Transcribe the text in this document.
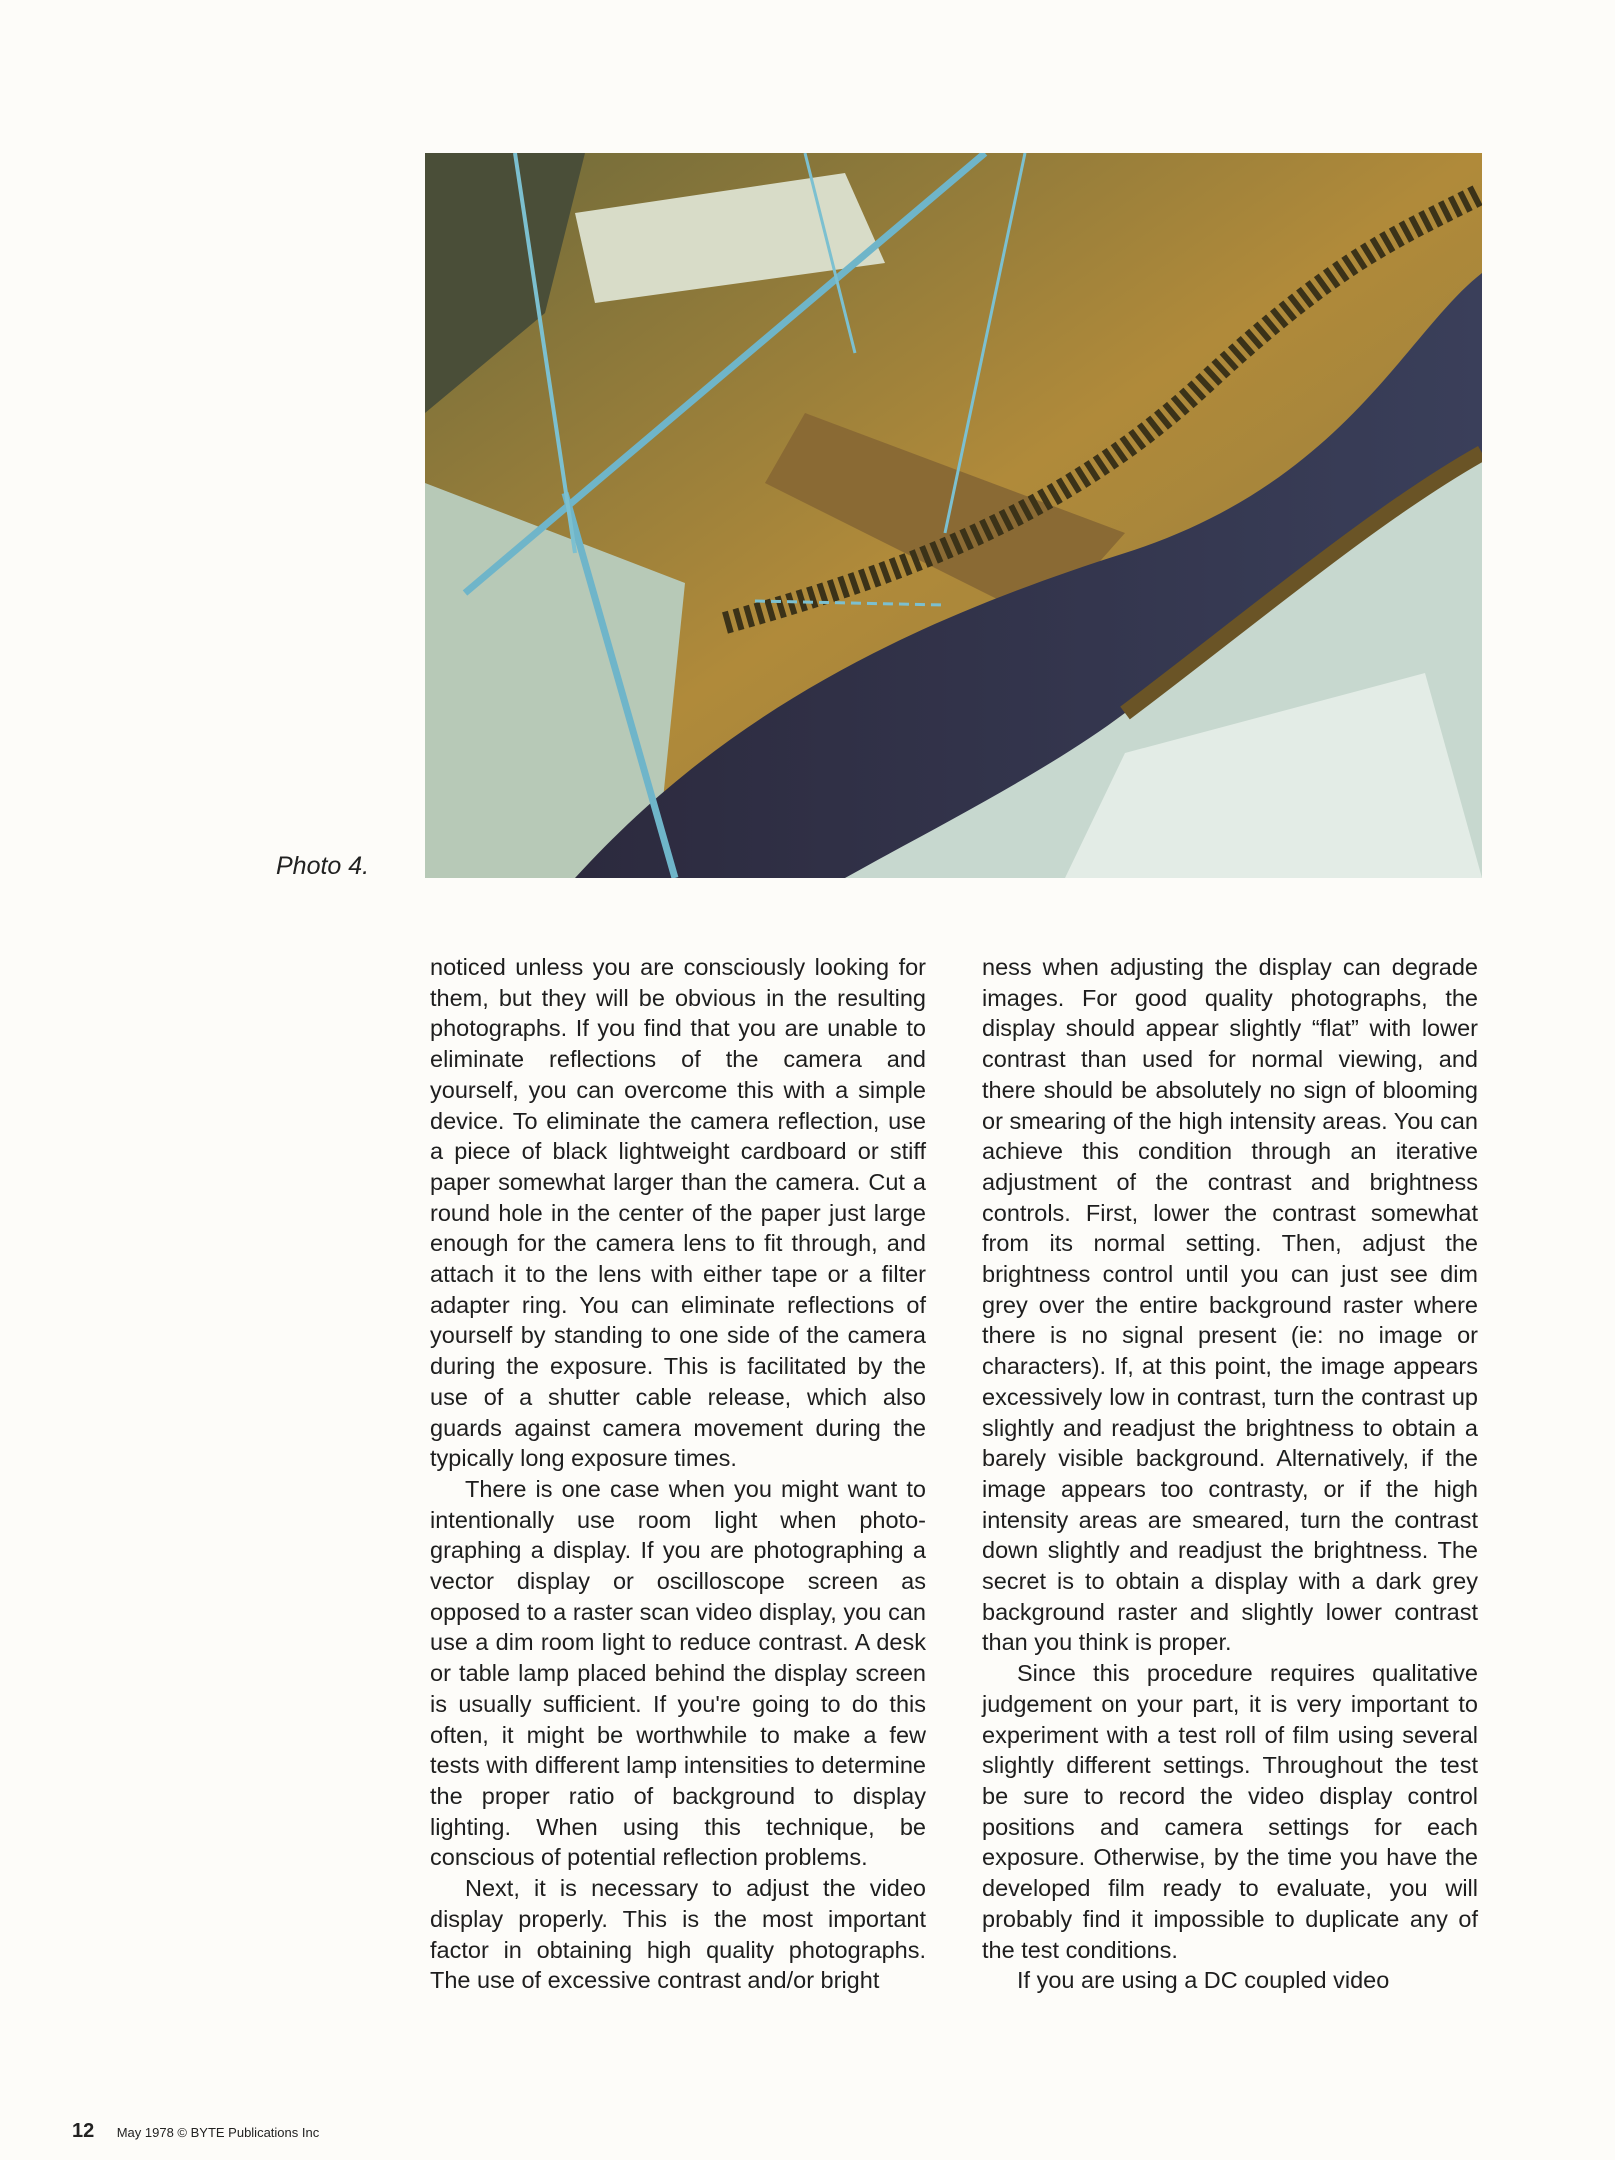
Photo 4.

noticed unless you are consciously looking for them, but they will be obvious in the resulting photographs. If you find that you are unable to eliminate reflections of the camera and yourself, you can overcome this with a simple device. To eliminate the camera reflection, use a piece of black lightweight cardboard or stiff paper somewhat larger than the camera. Cut a round hole in the center of the paper just large enough for the camera lens to fit through, and attach it to the lens with either tape or a filter adapter ring. You can eliminate reflections of yourself by standing to one side of the camera during the exposure. This is facilitated by the use of a shutter cable release, which also guards against camera movement during the typically long exposure times.

There is one case when you might want to intentionally use room light when photographing a display. If you are photographing a vector display or oscilloscope screen as opposed to a raster scan video display, you can use a dim room light to reduce contrast. A desk or table lamp placed behind the display screen is usually sufficient. If you're going to do this often, it might be worthwhile to make a few tests with different lamp intensities to determine the proper ratio of background to display lighting. When using this technique, be conscious of potential reflection problems.

Next, it is necessary to adjust the video display properly. This is the most important factor in obtaining high quality photographs. The use of excessive contrast and/or bright

ness when adjusting the display can degrade images. For good quality photographs, the display should appear slightly “flat” with lower contrast than used for normal viewing, and there should be absolutely no sign of blooming or smearing of the high intensity areas. You can achieve this condition through an iterative adjustment of the contrast and brightness controls. First, lower the contrast somewhat from its normal setting. Then, adjust the brightness control until you can just see dim grey over the entire background raster where there is no signal present (ie: no image or characters). If, at this point, the image appears excessively low in contrast, turn the contrast up slightly and readjust the brightness to obtain a barely visible background. Alternatively, if the image appears too contrasty, or if the high intensity areas are smeared, turn the contrast down slightly and readjust the brightness. The secret is to obtain a display with a dark grey background raster and slightly lower contrast than you think is proper.

Since this procedure requires qualitative judgement on your part, it is very important to experiment with a test roll of film using several slightly different settings. Throughout the test be sure to record the video display control positions and camera settings for each exposure. Otherwise, by the time you have the developed film ready to evaluate, you will probably find it impossible to duplicate any of the test conditions.

If you are using a DC coupled video

12 May 1978 © BYTE Publications Inc
